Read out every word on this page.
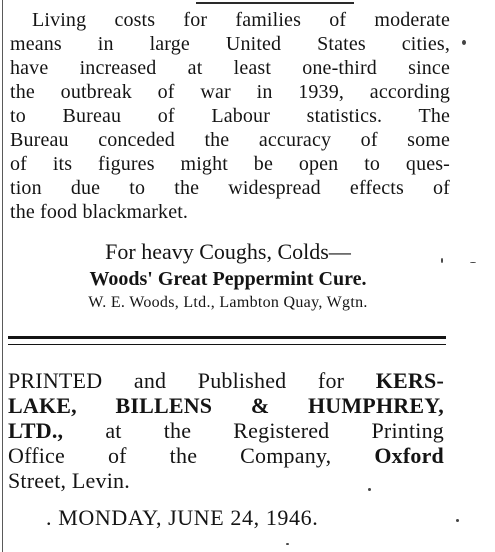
Living costs for families of moderate
means in large United States cities,
have increased at least one-third since
the outbreak of war in 1939, according
to Bureau of Labour statistics. The
Bureau conceded the accuracy of some
of its figures might be open to ques-
tion due to the widespread effects of
the food blackmarket.
For heavy Coughs, Colds—
Woods' Great Peppermint Cure.
W. E. Woods, Ltd., Lambton Quay, Wgtn.
PRINTED and Published for KERS-
LAKE, BILLENS & HUMPHREY,
LTD., at the Registered Printing
Office of the Company, Oxford
Street, Levin.
. MONDAY, JUNE 24, 1946.
